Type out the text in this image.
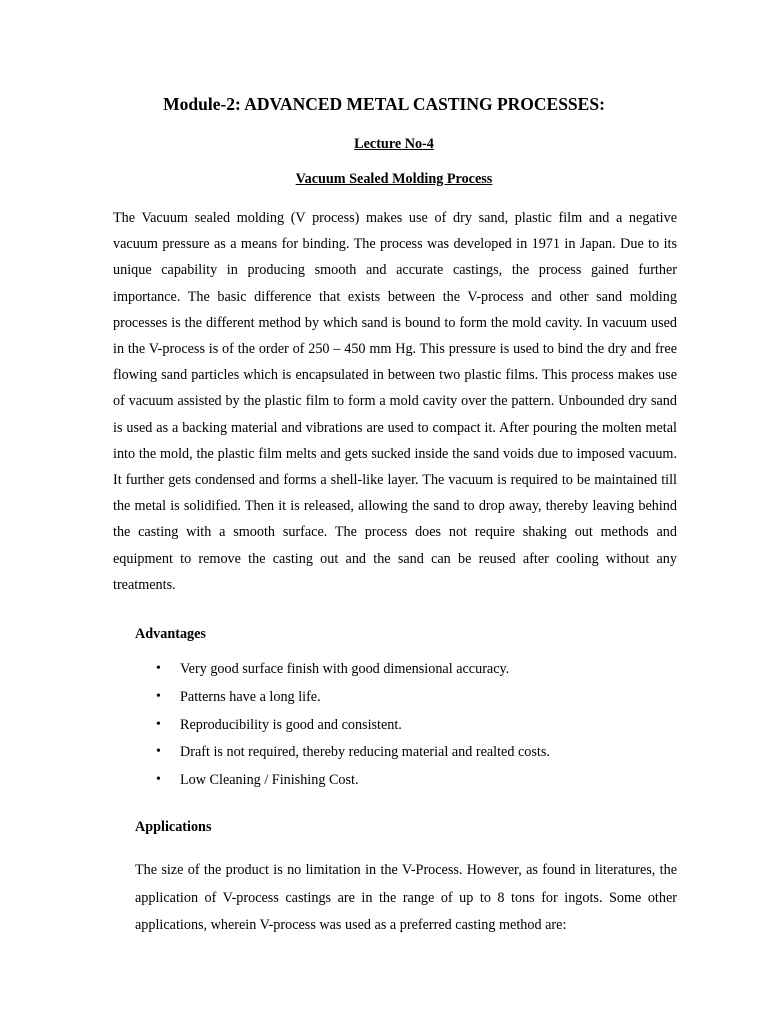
Module-2: ADVANCED METAL CASTING PROCESSES:
Lecture No-4
Vacuum Sealed Molding Process

The Vacuum sealed molding (V process) makes use of dry sand, plastic film and a negative vacuum pressure as a means for binding. The process was developed in 1971 in Japan. Due to its unique capability in producing smooth and accurate castings, the process gained further importance. The basic difference that exists between the V-process and other sand molding processes is the different method by which sand is bound to form the mold cavity. In vacuum used in the V-process is of the order of 250 – 450 mm Hg. This pressure is used to bind the dry and free flowing sand particles which is encapsulated in between two plastic films. This process makes use of vacuum assisted by the plastic film to form a mold cavity over the pattern. Unbounded dry sand is used as a backing material and vibrations are used to compact it. After pouring the molten metal into the mold, the plastic film melts and gets sucked inside the sand voids due to imposed vacuum. It further gets condensed and forms a shell-like layer. The vacuum is required to be maintained till the metal is solidified. Then it is released, allowing the sand to drop away, thereby leaving behind the casting with a smooth surface. The process does not require shaking out methods and equipment to remove the casting out and the sand can be reused after cooling without any treatments.

Advantages
• Very good surface finish with good dimensional accuracy.
• Patterns have a long life.
• Reproducibility is good and consistent.
• Draft is not required, thereby reducing material and realted costs.
• Low Cleaning / Finishing Cost.
Applications

The size of the product is no limitation in the V-Process. However, as found in literatures, the application of V-process castings are in the range of up to 8 tons for ingots. Some other applications, wherein V-process was used as a preferred casting method are:
